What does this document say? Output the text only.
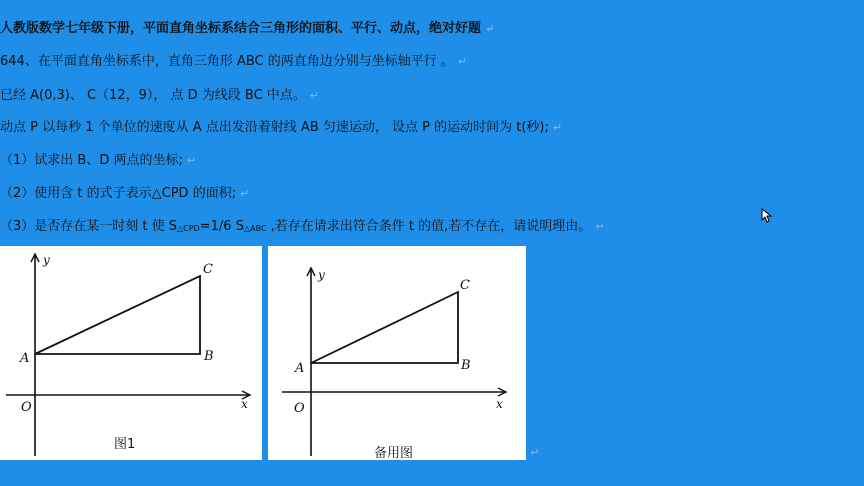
人教版数学七年级下册，平面直角坐标系结合三角形的面积、平行、动点，绝对好题 ↵
644、在平面直角坐标系中，直角三角形 ABC 的两直角边分别与坐标轴平行 。 ↵
已经 A(0,3)、 C（12，9）， 点 D 为线段 BC 中点。 ↵
动点 P 以每秒 1 个单位的速度从 A 点出发沿着射线 AB 匀速运动， 设点 P 的运动时间为 t(秒); ↵
（1）试求出 B、D 两点的坐标; ↵
（2）使用含 t 的式子表示△CPD 的面积; ↵
（3）是否存在某一时刻 t 使 S△CPD=1/6 S△ABC ,若存在请求出符合条件 t 的值,若不存在，请说明理由。 ↵
y
x
O
A	B
C
图1
y
x
O
A	B
C
备用图	↵
